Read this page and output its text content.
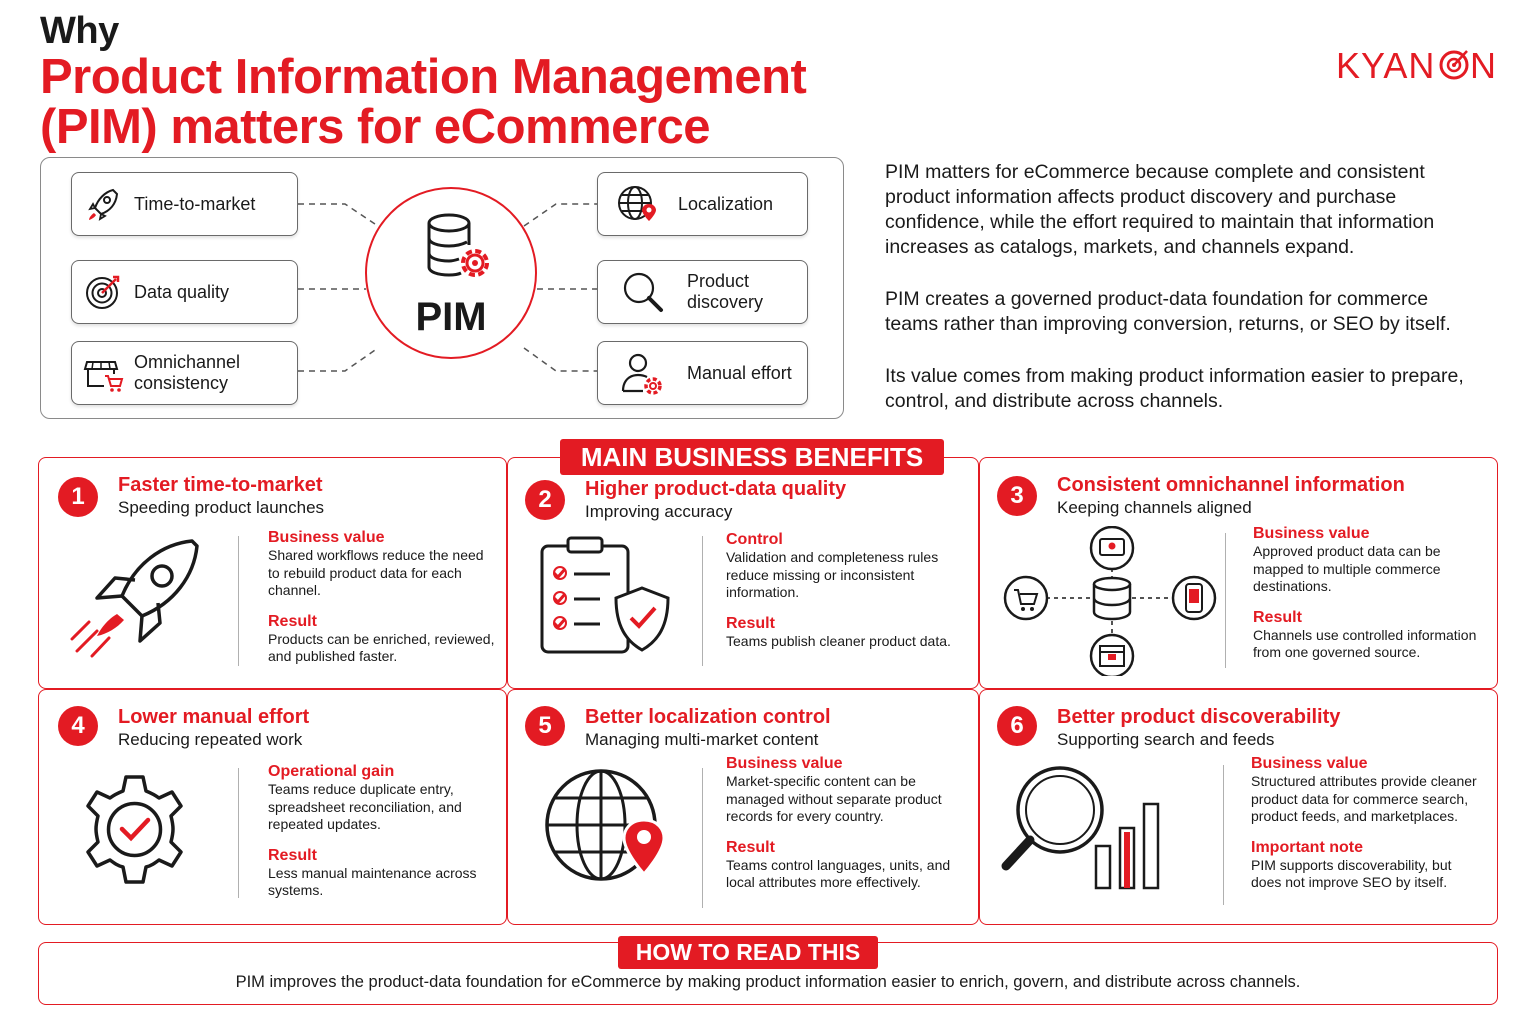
Why
Product Information Management
(PIM) matters for eCommerce
KYAN N
Time-to-market
Data quality
Omnichannel consistency
PIM
Localization
Product discovery
Manual effort

PIM matters for eCommerce because complete and consistent product information affects product discovery and purchase confidence, while the effort required to maintain that information increases as catalogs, markets, and channels expand.

PIM creates a governed product-data foundation for commerce teams rather than improving conversion, returns, or SEO by itself.

Its value comes from making product information easier to prepare, control, and distribute across channels.

MAIN BUSINESS BENEFITS
1	Faster time-to-market
Speeding product launches
Business value
Shared workflows reduce the need to rebuild product data for each channel.
Result
Products can be enriched, reviewed, and published faster.
2	Higher product-data quality
Improving accuracy
Control
Validation and completeness rules reduce missing or inconsistent information.
Result
Teams publish cleaner product data.
3	Consistent omnichannel information
Keeping channels aligned
Business value
Approved product data can be mapped to multiple commerce destinations.
Result
Channels use controlled information from one governed source.
4	Lower manual effort
Reducing repeated work
Operational gain
Teams reduce duplicate entry, spreadsheet reconciliation, and repeated updates.
Result
Less manual maintenance across systems.
5	Better localization control
Managing multi-market content
Business value
Market-specific content can be managed without separate product records for every country.
Result
Teams control languages, units, and local attributes more effectively.
6	Better product discoverability
Supporting search and feeds
Business value
Structured attributes provide cleaner product data for commerce search, product feeds, and marketplaces.
Important note
PIM supports discoverability, but does not improve SEO by itself.
HOW TO READ THIS
PIM improves the product-data foundation for eCommerce by making product information easier to enrich, govern, and distribute across channels.
